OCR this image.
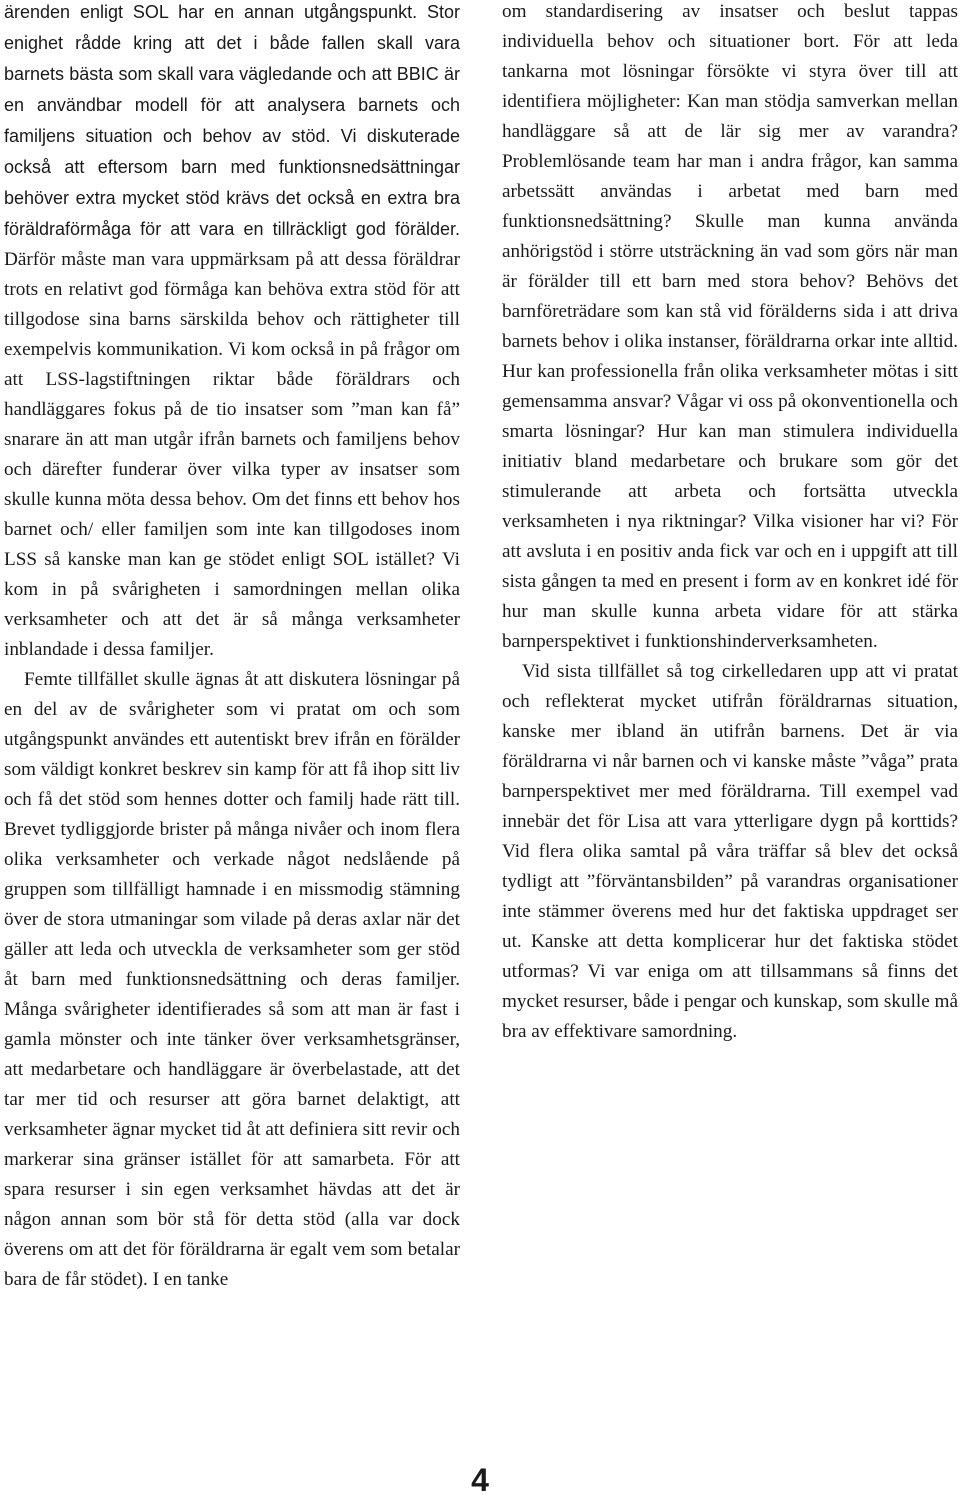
ärenden enligt SOL har en annan utgångspunkt. Stor enighet rådde kring att det i både fallen skall vara barnets bästa som skall vara vägledande och att BBIC är en användbar modell för att analysera barnets och familjens situation och behov av stöd. Vi diskuterade också att eftersom barn med funktionsnedsättningar behöver extra mycket stöd krävs det också en extra bra föräldraförmåga för att vara en tillräckligt god förälder. Därför måste man vara uppmärksam på att dessa föräldrar trots en relativt god förmåga kan behöva extra stöd för att tillgodose sina barns särskilda behov och rättigheter till exempelvis kommunikation. Vi kom också in på frågor om att LSS-lagstiftningen riktar både föräldrars och handläggares fokus på de tio insatser som ”man kan få” snarare än att man utgår ifrån barnets och familjens behov och därefter funderar över vilka typer av insatser som skulle kunna möta dessa behov. Om det finns ett behov hos barnet och/ eller familjen som inte kan tillgodoses inom LSS så kanske man kan ge stödet enligt SOL istället? Vi kom in på svårigheten i samordningen mellan olika verksamheter och att det är så många verksamheter inblandade i dessa familjer.

Femte tillfället skulle ägnas åt att diskutera lösningar på en del av de svårigheter som vi pratat om och som utgångspunkt användes ett autentiskt brev ifrån en förälder som väldigt konkret beskrev sin kamp för att få ihop sitt liv och få det stöd som hennes dotter och familj hade rätt till. Brevet tydliggjorde brister på många nivåer och inom flera olika verksamheter och verkade något nedslående på gruppen som tillfälligt hamnade i en missmodig stämning över de stora utmaningar som vilade på deras axlar när det gäller att leda och utveckla de verksamheter som ger stöd åt barn med funktionsnedsättning och deras familjer. Många svårigheter identifierades så som att man är fast i gamla mönster och inte tänker över verksamhetsgränser, att medarbetare och handläggare är överbelastade, att det tar mer tid och resurser att göra barnet delaktigt, att verksamheter ägnar mycket tid åt att definiera sitt revir och markerar sina gränser istället för att samarbeta. För att spara resurser i sin egen verksamhet hävdas att det är någon annan som bör stå för detta stöd (alla var dock överens om att det för föräldrarna är egalt vem som betalar bara de får stödet). I en tanke

om standardisering av insatser och beslut tappas individuella behov och situationer bort. För att leda tankarna mot lösningar försökte vi styra över till att identifiera möjligheter: Kan man stödja samverkan mellan handläggare så att de lär sig mer av varandra? Problemlösande team har man i andra frågor, kan samma arbetssätt användas i arbetat med barn med funktionsnedsättning? Skulle man kunna använda anhörigstöd i större utsträckning än vad som görs när man är förälder till ett barn med stora behov? Behövs det barnföreträdare som kan stå vid förälderns sida i att driva barnets behov i olika instanser, föräldrarna orkar inte alltid. Hur kan professionella från olika verksamheter mötas i sitt gemensamma ansvar? Vågar vi oss på okonventionella och smarta lösningar? Hur kan man stimulera individuella initiativ bland medarbetare och brukare som gör det stimulerande att arbeta och fortsätta utveckla verksamheten i nya riktningar? Vilka visioner har vi? För att avsluta i en positiv anda fick var och en i uppgift att till sista gången ta med en present i form av en konkret idé för hur man skulle kunna arbeta vidare för att stärka barnperspektivet i funktionshinderverksamheten.

Vid sista tillfället så tog cirkelledaren upp att vi pratat och reflekterat mycket utifrån föräldrarnas situation, kanske mer ibland än utifrån barnens. Det är via föräldrarna vi når barnen och vi kanske måste ”våga” prata barnperspektivet mer med föräldrarna. Till exempel vad innebär det för Lisa att vara ytterligare dygn på korttids? Vid flera olika samtal på våra träffar så blev det också tydligt att ”förväntansbilden” på varandras organisationer inte stämmer överens med hur det faktiska uppdraget ser ut. Kanske att detta komplicerar hur det faktiska stödet utformas? Vi var eniga om att tillsammans så finns det mycket resurser, både i pengar och kunskap, som skulle må bra av effektivare samordning.

4
